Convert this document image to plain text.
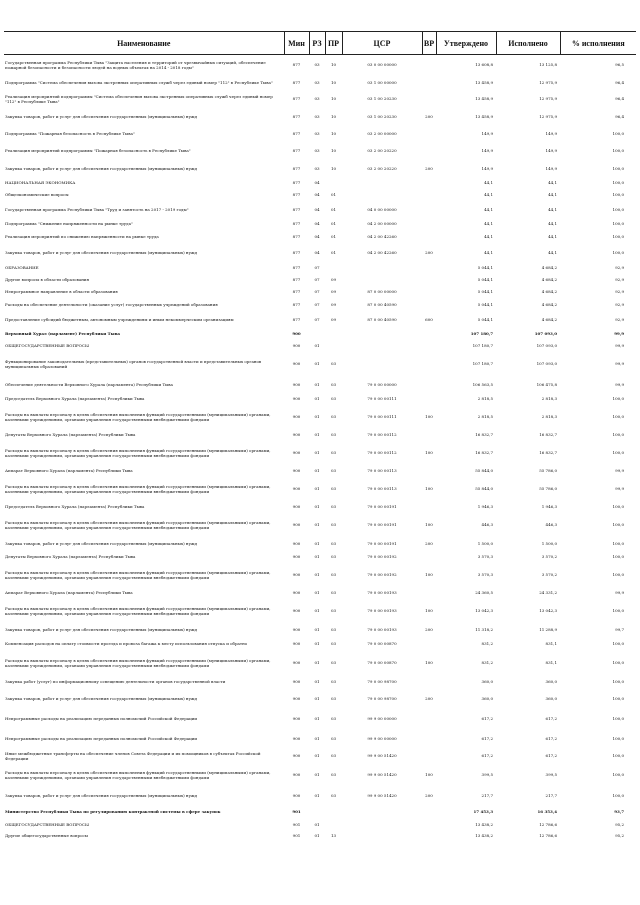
Наименование	Мин	РЗ	ПР	ЦСР	ВР	Утверждено	Исполнено	% исполнения
Государственная программа Республики Тыва "Защита населения и территорий от чрезвычайных ситуаций, обеспечение пожарной безопасности и безопасности людей на водных объектах на 2014 - 2018 годы"	877	03	10	03 0 00 00000		13 608,8	13 125,8	96,5
Подпрограмма "Система обеспечения вызова экстренных оперативных служб через единый номер "112" в Республике Тыва"	877	03	10	03 1 00 00000		13 458,9	12 975,9	96,4
Реализация мероприятий подпрограммы "Система обеспечения вызова экстренных оперативных служб через единый номер "112" в Республике Тыва"	877	03	10	03 1 00 20230		13 458,9	12 975,9	96,4
Закупка товаров, работ и услуг для обеспечения государственных (муниципальных) нужд	877	03	10	03 1 00 20230	200	13 458,9	12 975,9	96,4
Подпрограмма "Пожарная безопасность в Республике Тыва"	877	03	10	03 2 00 00000		149,9	149,9	100,0
Реализация мероприятий подпрограммы "Пожарная безопасность в Республике Тыва"	877	03	10	03 2 00 20220		149,9	149,9	100,0
Закупка товаров, работ и услуг для обеспечения государственных (муниципальных) нужд	877	03	10	03 2 00 20220	200	149,9	149,9	100,0
НАЦИОНАЛЬНАЯ ЭКОНОМИКА	877	04				44,1	44,1	100,0
Общеэкономические вопросы	877	04	01			44,1	44,1	100,0
Государственная программа Республики Тыва "Труд и занятость на 2017 - 2019 годы"	877	04	01	04 0 00 00000		44,1	44,1	100,0
Подпрограмма "Снижение напряженности на рынке труда"	877	04	01	04 2 00 00000		44,1	44,1	100,0
Реализация мероприятий по снижению напряженности на рынке труда	877	04	01	04 2 00 42260		44,1	44,1	100,0
Закупка товаров, работ и услуг для обеспечения государственных (муниципальных) нужд	877	04	01	04 2 00 42260	200	44,1	44,1	100,0
ОБРАЗОВАНИЕ	877	07				5 044,1	4 684,2	92,9
Другие вопросы в области образования	877	07	09			5 044,1	4 684,2	92,9
Непрограммное направление в области образования	877	07	09	87 0 00 00000		5 044,1	4 684,2	92,9
Расходы на обеспечение деятельности (оказание услуг) государственных учреждений образования	877	07	09	87 0 00 40590		5 044,1	4 684,2	92,9
Предоставление субсидий бюджетным, автономным учреждениям и иным некоммерческим организациям	877	07	09	87 0 00 40590	600	5 044,1	4 684,2	92,9
Верховный Хурал (парламент) Республики Тыва	900					107 180,7	107 093,0	99,9
ОБЩЕГОСУДАРСТВЕННЫЕ ВОПРОСЫ	900	01				107 180,7	107 093,0	99,9
Функционирование законодательных (представительных) органов государственной власти и представительных органов муниципальных образований	900	01	03			107 180,7	107 093,0	99,9
Обеспечение деятельности Верховного Хурала (парламента) Республики Тыва	900	01	03	79 0 00 00000		106 563,5	106 475,8	99,9
Председатель Верховного Хурала (парламента) Республики Тыва	900	01	03	79 0 00 00111		2 818,5	2 818,3	100,0
Расходы на выплаты персоналу в целях обеспечения выполнения функций государственными (муниципальными) органами, казенными учреждениями, органами управления государственными внебюджетными фондами	900	01	03	79 0 00 00111	100	2 818,5	2 818,3	100,0
Депутаты Верховного Хурала (парламента) Республики Тыва	900	01	03	79 0 00 00112		16 832,7	16 832,7	100,0
Расходы на выплаты персоналу в целях обеспечения выполнения функций государственными (муниципальными) органами, казенными учреждениями, органами управления государственными внебюджетными фондами	900	01	03	79 0 00 00112	100	16 832,7	16 832,7	100,0
Аппарат Верховного Хурала (парламента) Республики Тыва	900	01	03	79 0 00 00113		55 844,0	55 786,0	99,9
Расходы на выплаты персоналу в целях обеспечения выполнения функций государственными (муниципальными) органами, казенными учреждениями, органами управления государственными внебюджетными фондами	900	01	03	79 0 00 00113	100	55 844,0	55 786,0	99,9
Председатель Верховного Хурала (парламента) Республики Тыва	900	01	03	79 0 00 00191		1 946,3	1 946,3	100,0
Расходы на выплаты персоналу в целях обеспечения выполнения функций государственными (муниципальными) органами, казенными учреждениями, органами управления государственными внебюджетными фондами	900	01	03	79 0 00 00191	100	446,3	446,3	100,0
Закупка товаров, работ и услуг для обеспечения государственных (муниципальных) нужд	900	01	03	79 0 00 00191	200	1 500,0	1 500,0	100,0
Депутаты Верховного Хурала (парламента) Республики Тыва	900	01	03	79 0 00 00192		3 570,3	3 570,2	100,0
Расходы на выплаты персоналу в целях обеспечения выполнения функций государственными (муниципальными) органами, казенными учреждениями, органами управления государственными внебюджетными фондами	900	01	03	79 0 00 00192	100	3 570,3	3 570,2	100,0
Аппарат Верховного Хурала (парламента) Республики Тыва	900	01	03	79 0 00 00193		24 360,5	24 331,2	99,9
Расходы на выплаты персоналу в целях обеспечения выполнения функций государственными (муниципальными) органами, казенными учреждениями, органами управления государственными внебюджетными фондами	900	01	03	79 0 00 00193	100	13 042,3	13 042,3	100,0
Закупка товаров, работ и услуг для обеспечения государственных (муниципальных) нужд	900	01	03	79 0 00 00193	200	11 318,2	11 288,9	99,7
Компенсация расходов на оплату стоимости проезда и провоза багажа к месту использования отпуска и обратно	900	01	03	79 0 00 00870		831,2	831,1	100,0
Расходы на выплаты персоналу в целях обеспечения выполнения функций государственными (муниципальными) органами, казенными учреждениями, органами управления государственными внебюджетными фондами	900	01	03	79 0 00 00870	100	831,2	831,1	100,0
Закупка работ (услуг) по информационному освещению деятельности органов государственной власти	900	01	03	79 0 00 98700		360,0	360,0	100,0
Закупка товаров, работ и услуг для обеспечения государственных (муниципальных) нужд	900	01	03	79 0 00 98700	200	360,0	360,0	100,0
Непрограммные расходы на реализацию переданных полномочий Российской Федерации	900	01	03	99 9 00 00000		617,2	617,2	100,0
Непрограммные расходы на реализацию переданных полномочий Российской Федерации	900	01	03	99 9 00 00000		617,2	617,2	100,0
Иные межбюджетные трансферты на обеспечение членов Совета Федерации и их помощников в субъектах Российской Федерации	900	01	03	99 9 00 51420		617,2	617,2	100,0
Расходы на выплаты персоналу в целях обеспечения выполнения функций государственными (муниципальными) органами, казенными учреждениями, органами управления государственными внебюджетными фондами	900	01	03	99 9 00 51420	100	399,5	399,5	100,0
Закупка товаров, работ и услуг для обеспечения государственных (муниципальных) нужд	900	01	03	99 9 00 51420	200	217,7	217,7	100,0
Министерство Республики Тыва по регулированию контрактной системы в сфере закупок	901					17 453,3	16 353,4	93,7
ОБЩЕГОСУДАРСТВЕННЫЕ ВОПРОСЫ	901	01				13 438,2	12 786,6	95,2
Другие общегосударственные вопросы	901	01	13			13 438,2	12 786,6	95,2
